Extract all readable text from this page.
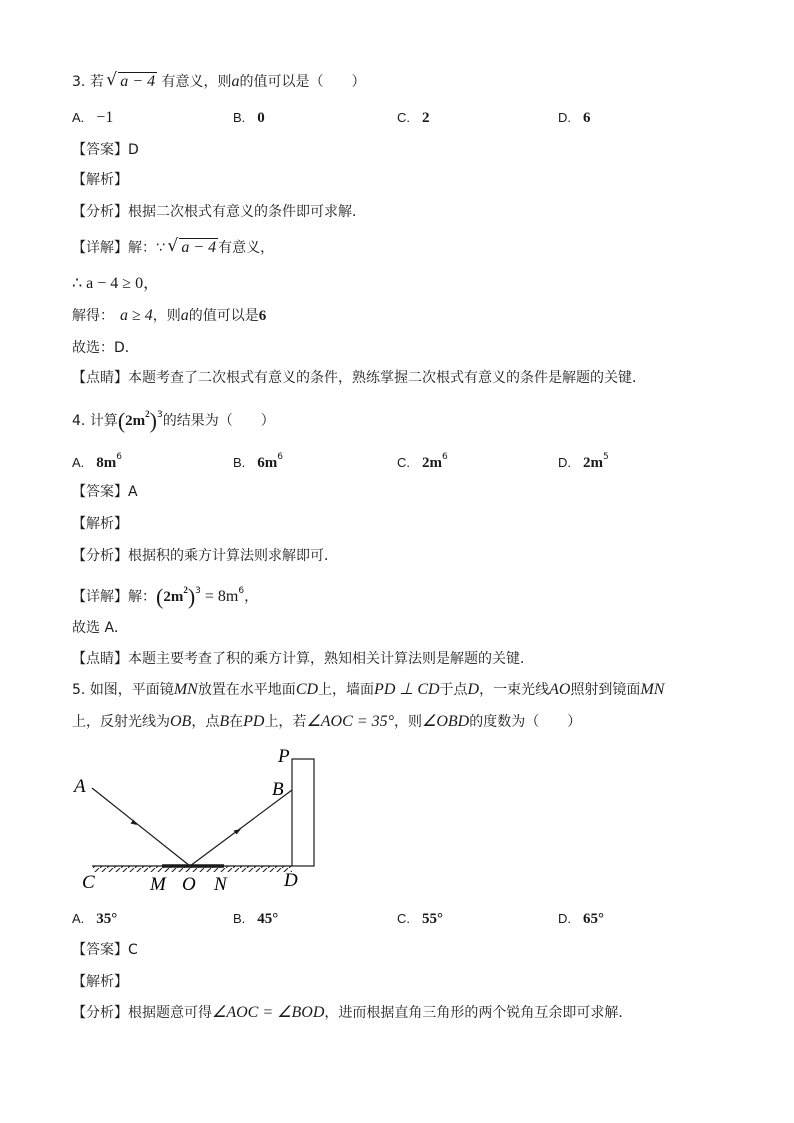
3. 若 √ a − 4 有意义，则a的值可以是（　　）
A. −1	B. 0	C. 2	D. 6
【答案】D
【解析】
【分析】根据二次根式有意义的条件即可求解．
【详解】解：∵ √ a − 4 有意义，
∴ a − 4 ≥ 0，
解得： a ≥ 4，则a的值可以是6
故选：D．
【点睛】本题考查了二次根式有意义的条件，熟练掌握二次根式有意义的条件是解题的关键．
4. 计算$(2m^2)^3$的结果为（　　）
A. $8m^6$	B. $6m^6$	C. $2m^6$	D. $2m^5$
【答案】A
【解析】
【分析】根据积的乘方计算法则求解即可．
【详解】解：$(2m^2)^3 = 8m^6$，
故选 A．
【点睛】本题主要考查了积的乘方计算，熟知相关计算法则是解题的关键．
5. 如图，平面镜MN放置在水平地面CD上，墙面PD ⊥ CD于点D，一束光线AO照射到镜面MN
上，反射光线为OB，点B在PD上，若∠AOC = 35°，则∠OBD的度数为（　　）
A
P
B
C	M O N	D
A. 35°	B. 45°	C. 55°	D. 65°
【答案】C
【解析】
【分析】根据题意可得∠AOC = ∠BOD，进而根据直角三角形的两个锐角互余即可求解．
